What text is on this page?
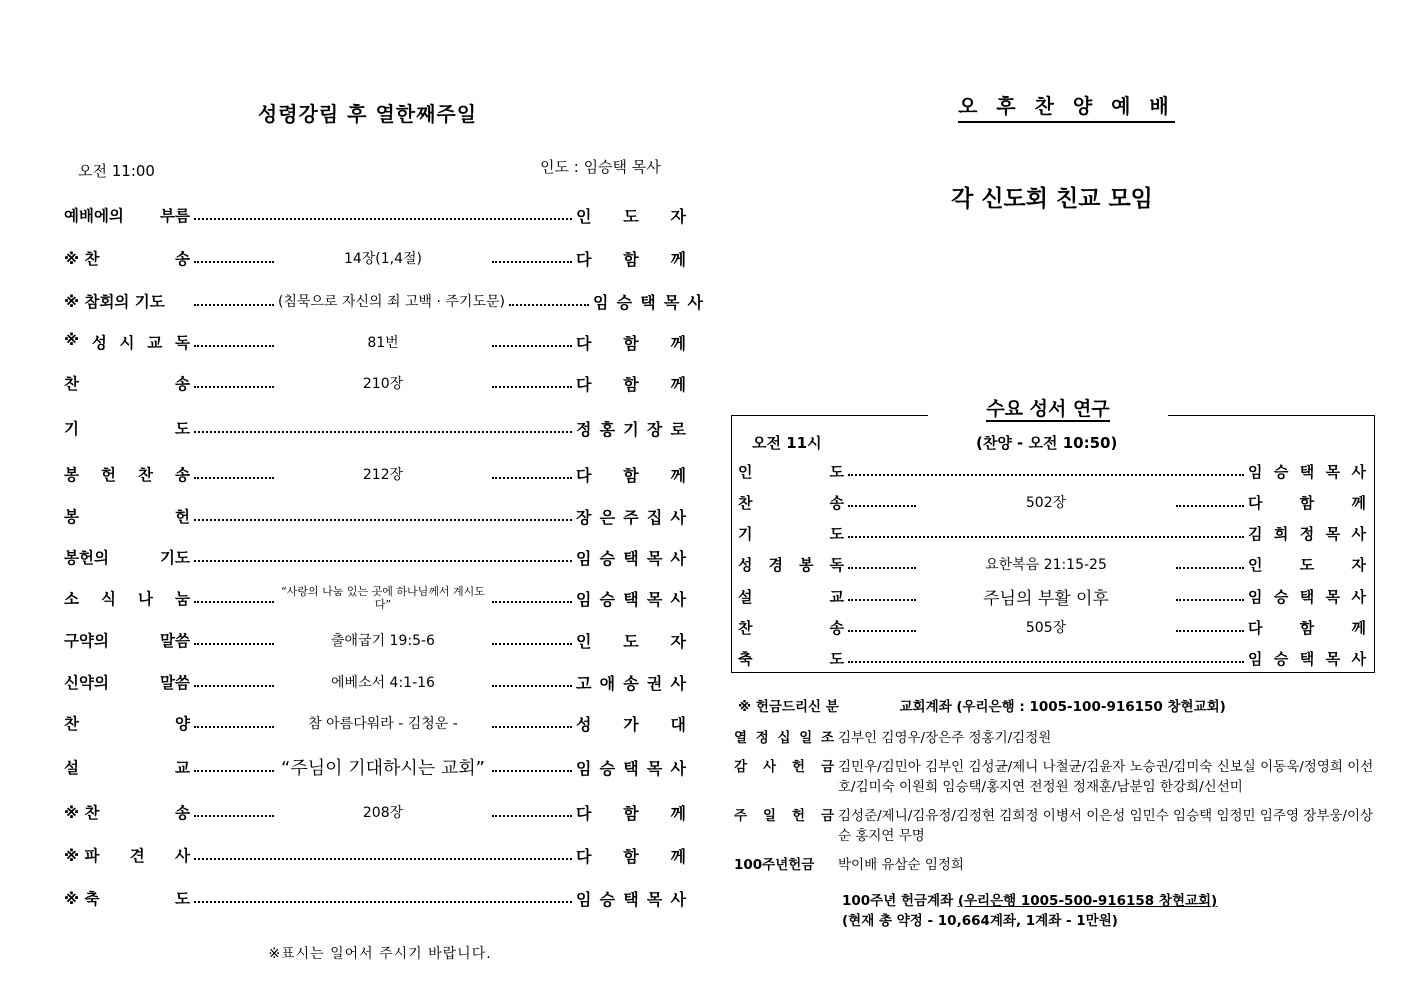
성령강림 후 열한째주일
오전 11:00	인도 : 임승택 목사
예배에의 부름	인 도 자
※ 찬	송	14장(1,4절)	다 함 께
※ 참회의 기도	(침묵으로 자신의 죄 고백 · 주기도문)	임 승 택 목 사
※ 성 시 교 독	81번	다 함 께
찬	송	210장	다 함 께
기	도	정 홍 기 장 로
봉 헌 찬 송	212장	다 함 께
봉	헌	장 은 주 집 사
봉헌의	기도	임 승 택 목 사
소 식 나 눔	“사랑의 나눔 있는 곳에 하나님께서 계시도다”	임 승 택 목 사
구약의	말씀	출애굽기 19:5-6	인 도 자
신약의	말씀	에베소서 4:1-16	고 애 송 권 사
찬	양	참 아름다워라 - 김청운 -	성 가 대
설	교	“주님이 기대하시는 교회”	임 승 택 목 사
※ 찬	송	208장	다 함 께
※ 파 견 사	다 함 께
※ 축	도	임 승 택 목 사
※표시는 일어서 주시기 바랍니다.
오 후 찬 양 예 배
각 신도회 친교 모임
수요 성서 연구
오전 11시	(찬양 - 오전 10:50)
인	도	임 승 택 목 사
찬	송	502장	다 함 께
기	도	김 희 정 목 사
성 경 봉 독	요한복음 21:15-25	인 도 자
설	교	주님의 부활 이후	임 승 택 목 사
찬	송	505장	다 함 께
축	도	임 승 택 목 사
※ 헌금드리신 분	교회계좌 (우리은행 : 1005-100-916150 창현교회)
열 정 십 일 조 김부인 김영우/장은주 정홍기/김정원
감 사 헌 금 김민우/김민아 김부인 김성균/제니 나철균/김윤자 노승권/김미숙 신보실 이동욱/정영희 이선호/김미숙 이원희 임승택/홍지연 전정원 정재훈/남분임 한강희/신선미
주 일 헌 금 김성준/제니/김유정/김정현 김희정 이병서 이은성 임민수 임승택 임정민 임주영 장부웅/이상순 홍지연 무명
100주년헌금 박이배 유삼순 임정희
100주년 헌금계좌 (우리은행 1005-500-916158 창현교회)
(현재 총 약정 - 10,664계좌, 1계좌 - 1만원)
